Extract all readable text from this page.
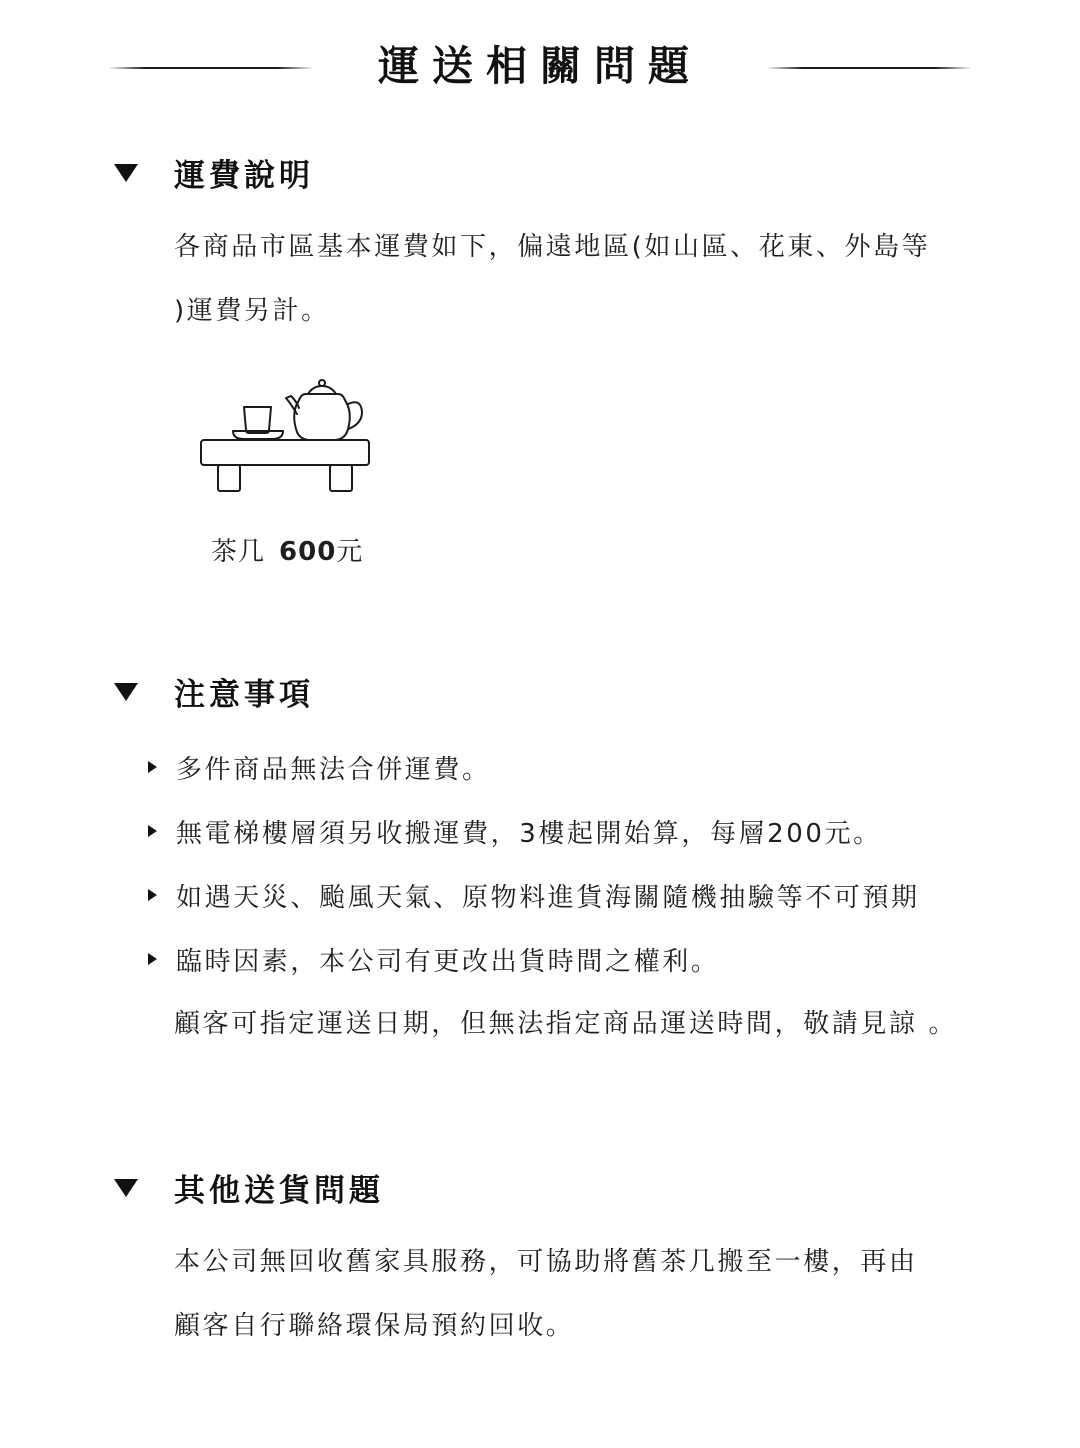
運送相關問題
運費說明
各商品市區基本運費如下，偏遠地區(如山區、花東、外島等
)運費另計。
茶几 600元
注意事項
多件商品無法合併運費。
無電梯樓層須另收搬運費，3樓起開始算，每層200元。
如遇天災、颱風天氣、原物料進貨海關隨機抽驗等不可預期
臨時因素，本公司有更改出貨時間之權利。
顧客可指定運送日期，但無法指定商品運送時間，敬請見諒 。
其他送貨問題
本公司無回收舊家具服務，可協助將舊茶几搬至一樓，再由
顧客自行聯絡環保局預約回收。
